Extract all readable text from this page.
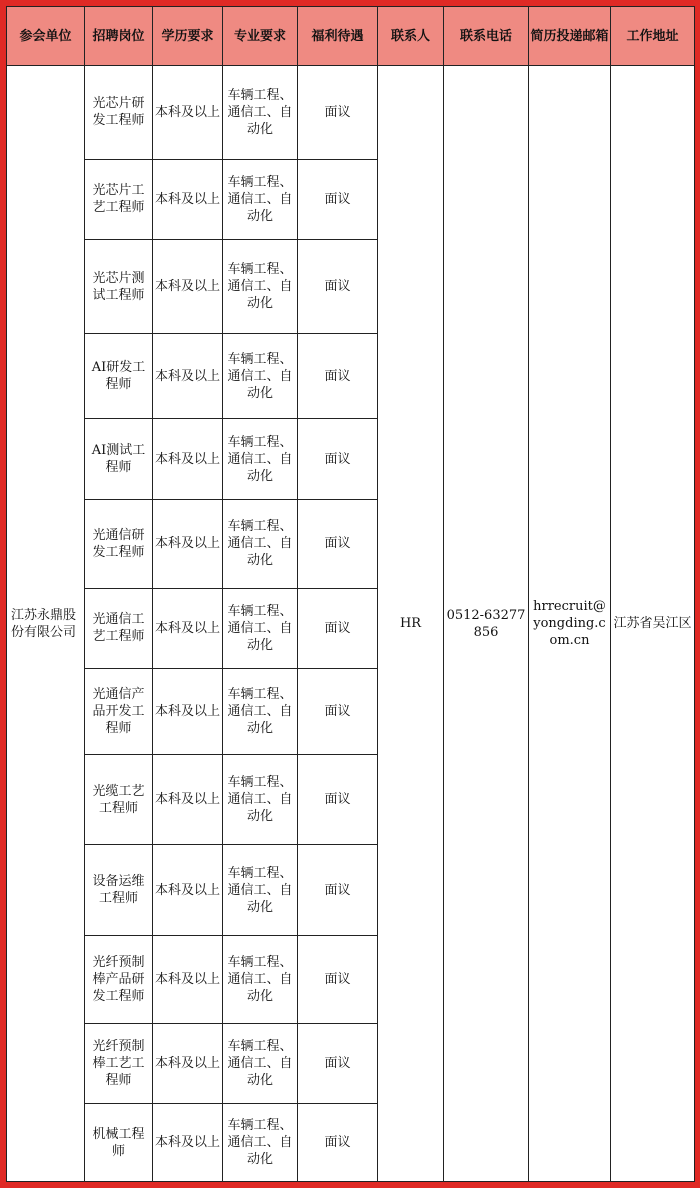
参会单位	招聘岗位	学历要求	专业要求	福利待遇	联系人	联系电话	简历投递邮箱	工作地址
江苏永鼎股份有限公司	光芯片研发工程师	本科及以上	车辆工程、通信工、自动化	面议	HR	0512-63277856	hrrecruit@yongding.com.cn	江苏省吴江区
	光芯片工艺工程师	本科及以上	车辆工程、通信工、自动化	面议				
	光芯片测试工程师	本科及以上	车辆工程、通信工、自动化	面议				
	AI研发工程师	本科及以上	车辆工程、通信工、自动化	面议				
	AI测试工程师	本科及以上	车辆工程、通信工、自动化	面议				
	光通信研发工程师	本科及以上	车辆工程、通信工、自动化	面议				
	光通信工艺工程师	本科及以上	车辆工程、通信工、自动化	面议				
	光通信产品开发工程师	本科及以上	车辆工程、通信工、自动化	面议				
	光缆工艺工程师	本科及以上	车辆工程、通信工、自动化	面议				
	设备运维工程师	本科及以上	车辆工程、通信工、自动化	面议				
	光纤预制棒产品研发工程师	本科及以上	车辆工程、通信工、自动化	面议				
	光纤预制棒工艺工程师	本科及以上	车辆工程、通信工、自动化	面议				
	机械工程师	本科及以上	车辆工程、通信工、自动化	面议				
